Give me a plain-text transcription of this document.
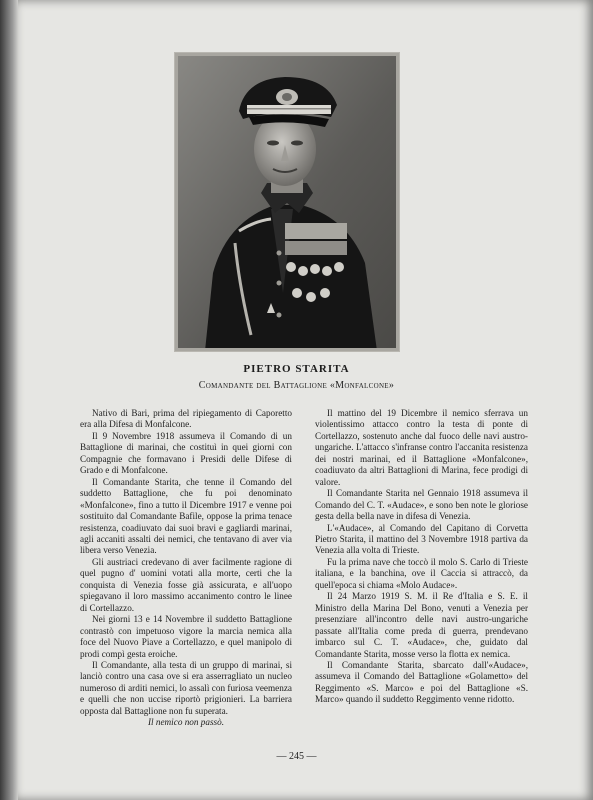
PIETRO STARITA
Comandante del Battaglione «Monfalcone»

Nativo di Bari, prima del ripiegamento di Caporetto era alla Difesa di Monfalcone.

Il 9 Novembre 1918 assumeva il Comando di un Battaglione di marinai, che costituì in quei giorni con Compagnie che formavano i Presidi delle Difese di Grado e di Monfalcone.

Il Comandante Starita, che tenne il Comando del suddetto Battaglione, che fu poi denominato «Monfalcone», fino a tutto il Dicembre 1917 e venne poi sostituito dal Comandante Bafile, oppose la prima tenace resistenza, coadiuvato dai suoi bravi e gagliardi marinai, agli accaniti assalti dei nemici, che tentavano di aver via libera verso Venezia.

Gli austriaci credevano di aver facilmente ragione di quel pugno d' uomini votati alla morte, certi che la conquista di Venezia fosse già assicurata, e all'uopo spiegavano il loro massimo accanimento contro le linee di Cortellazzo.

Nei giorni 13 e 14 Novembre il suddetto Battaglione contrastò con impetuoso vigore la marcia nemica alla foce del Nuovo Piave a Cortellazzo, e quel manipolo di prodi compì gesta eroiche.

Il Comandante, alla testa di un gruppo di marinai, si lanciò contro una casa ove si era asserragliato un nucleo numeroso di arditi nemici, lo assalì con furiosa veemenza e quelli che non uccise riportò prigionieri. La barriera opposta dal Battaglione non fu superata.

Il nemico non passò.

Il mattino del 19 Dicembre il nemico sferrava un violentissimo attacco contro la testa di ponte di Cortellazzo, sostenuto anche dal fuoco delle navi austro-ungariche. L'attacco s'infranse contro l'accanita resistenza dei nostri marinai, ed il Battaglione «Monfalcone», coadiuvato da altri Battaglioni di Marina, fece prodigi di valore.

Il Comandante Starita nel Gennaio 1918 assumeva il Comando del C. T. «Audace», e sono ben note le gloriose gesta della bella nave in difesa di Venezia.

L'«Audace», al Comando del Capitano di Corvetta Pietro Starita, il mattino del 3 Novembre 1918 partiva da Venezia alla volta di Trieste.

Fu la prima nave che toccò il molo S. Carlo di Trieste italiana, e la banchina, ove il Caccia si attraccò, da quell'epoca si chiama «Molo Audace».

Il 24 Marzo 1919 S. M. il Re d'Italia e S. E. il Ministro della Marina Del Bono, venuti a Venezia per presenziare all'incontro delle navi austro-ungariche passate all'Italia come preda di guerra, prendevano imbarco sul C. T. «Audace», che, guidato dal Comandante Starita, mosse verso la flotta ex nemica.

Il Comandante Starita, sbarcato dall'«Audace», assumeva il Comando del Battaglione «Golametto» del Reggimento «S. Marco» e poi del Battaglione «S. Marco» quando il suddetto Reggimento venne ridotto.

— 245 —
